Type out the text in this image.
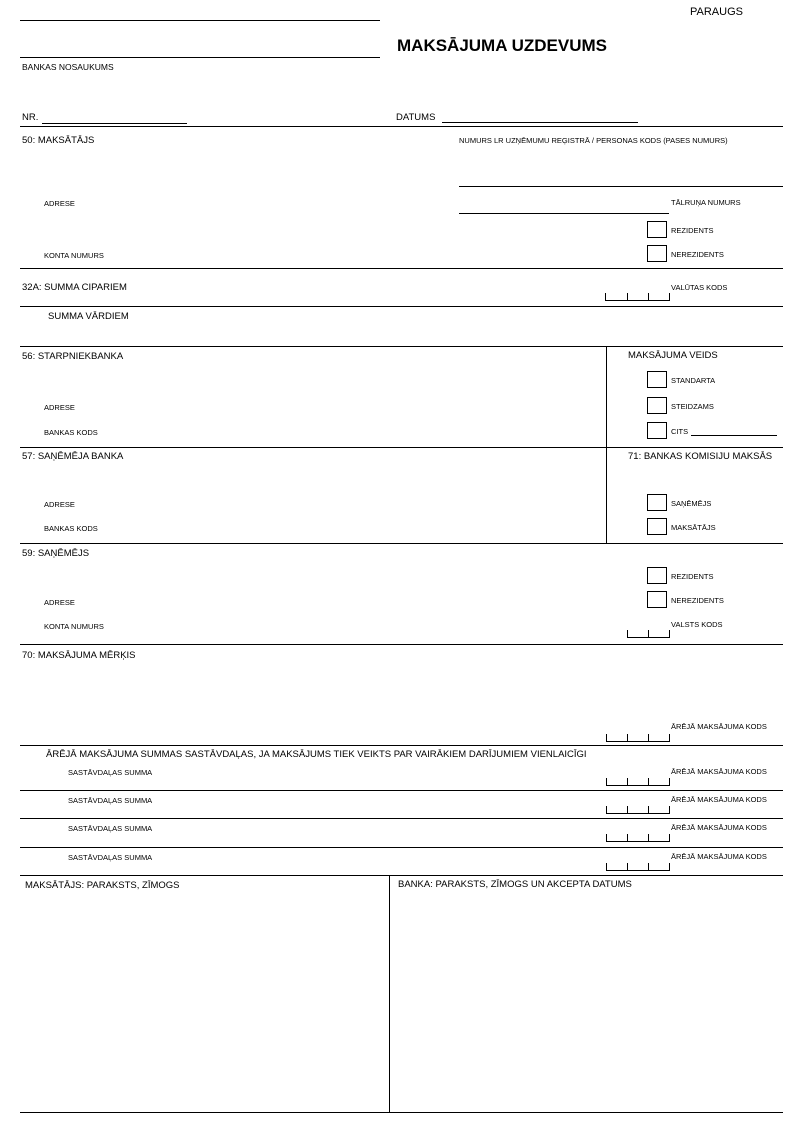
PARAUGS
MAKSĀJUMA UZDEVUMS
BANKAS NOSAUKUMS
NR.	DATUMS
50: MAKSĀTĀJS	NUMURS LR UZŅĒMUMU REĢISTRĀ / PERSONAS KODS (PASES NUMURS)
ADRESE	TĀLRUŅA NUMURS
REZIDENTS
NEREZIDENTS
KONTA NUMURS
32A: SUMMA CIPARIEM	VALŪTAS KODS
SUMMA VĀRDIEM
56: STARPNIEKBANKA	MAKSĀJUMA VEIDS
STANDARTA
ADRESE	STEIDZAMS
BANKAS KODS	CITS
57: SAŅĒMĒJA BANKA	71: BANKAS KOMISIJU MAKSĀS
SAŅĒMĒJS
ADRESE
MAKSĀTĀJS
BANKAS KODS
59: SAŅĒMĒJS
REZIDENTS
NEREZIDENTS
ADRESE
VALSTS KODS
KONTA NUMURS
70: MAKSĀJUMA MĒRĶIS
ĀRĒJĀ MAKSĀJUMA KODS
ĀRĒJĀ MAKSĀJUMA SUMMAS SASTĀVDAĻAS, JA MAKSĀJUMS TIEK VEIKTS PAR VAIRĀKIEM DARĪJUMIEM VIENLAICĪGI
SASTĀVDAĻAS SUMMA	ĀRĒJĀ MAKSĀJUMA KODS
SASTĀVDAĻAS SUMMA	ĀRĒJĀ MAKSĀJUMA KODS
SASTĀVDAĻAS SUMMA	ĀRĒJĀ MAKSĀJUMA KODS
SASTĀVDAĻAS SUMMA	ĀRĒJĀ MAKSĀJUMA KODS
MAKSĀTĀJS: PARAKSTS, ZĪMOGS	BANKA: PARAKSTS, ZĪMOGS UN AKCEPTA DATUMS
